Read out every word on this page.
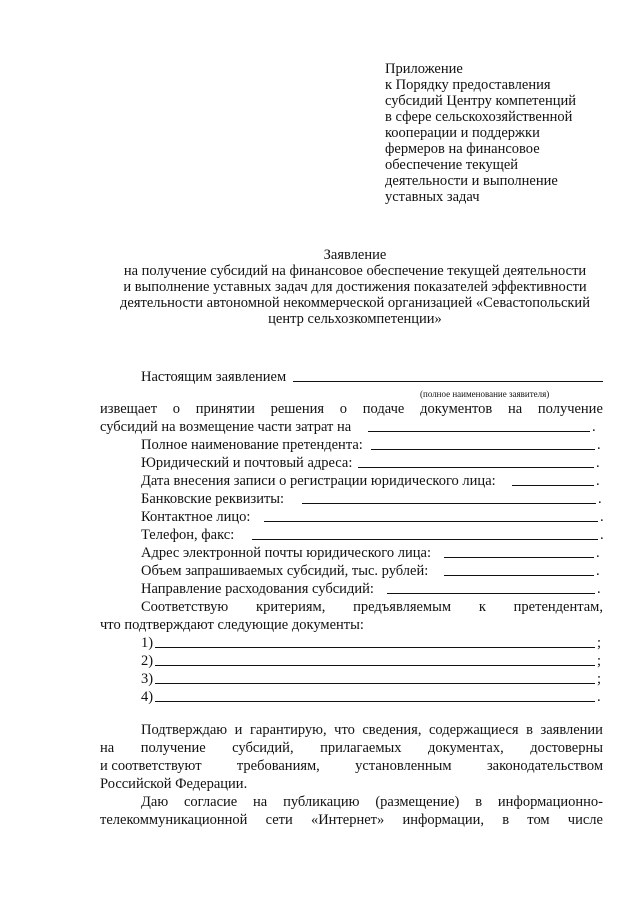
Приложение
к Порядку предоставления
субсидий Центру компетенций
в сфере сельскохозяйственной
кооперации и поддержки
фермеров на финансовое
обеспечение текущей
деятельности и выполнение
уставных задач
Заявление
на получение субсидий на финансовое обеспечение текущей деятельности
и выполнение уставных задач для достижения показателей эффективности
деятельности автономной некоммерческой организацией «Севастопольский
центр сельхозкомпетенции»
Настоящим заявлением
(полное наименование заявителя)
извещает о принятии решения о подаче документов на получение
субсидий на возмещение части затрат на	.
Полное наименование претендента:	.
Юридический и почтовый адреса:	.
Дата внесения записи о регистрации юридического лица:	.
Банковские реквизиты:	.
Контактное лицо:	.
Телефон, факс:	.
Адрес электронной почты юридического лица:	.
Объем запрашиваемых субсидий, тыс. рублей:	.
Направление расходования субсидий:	.
Соответствую критериям, предъявляемым к претендентам,
что подтверждают следующие документы:
1)	;
2)	;
3)	;
4)	.
Подтверждаю и гарантирую, что сведения, содержащиеся в заявлении
на получение субсидий, прилагаемых документах, достоверны
и соответствуют требованиям, установленным законодательством
Российской Федерации.
Даю согласие на публикацию (размещение) в информационно-
телекоммуникационной сети «Интернет» информации, в том числе
